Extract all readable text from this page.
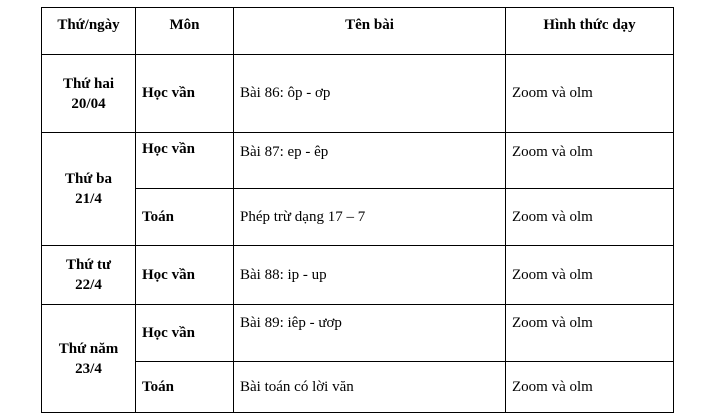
Thứ/ngày	Môn	Tên bài	Hình thức dạy

Thứ hai
20/04	Học vần	Bài 86: ôp - ơp	Zoom và olm

Thứ ba
21/4	Học vần	Bài 87: ep - êp	Zoom và olm
	Toán	Phép trừ dạng 17 – 7	Zoom và olm

Thứ tư
22/4	Học vần	Bài 88: ip - up	Zoom và olm

Thứ năm
23/4	Học vần	Bài 89: iêp - ươp	Zoom và olm
	Toán	Bài toán có lời văn	Zoom và olm
